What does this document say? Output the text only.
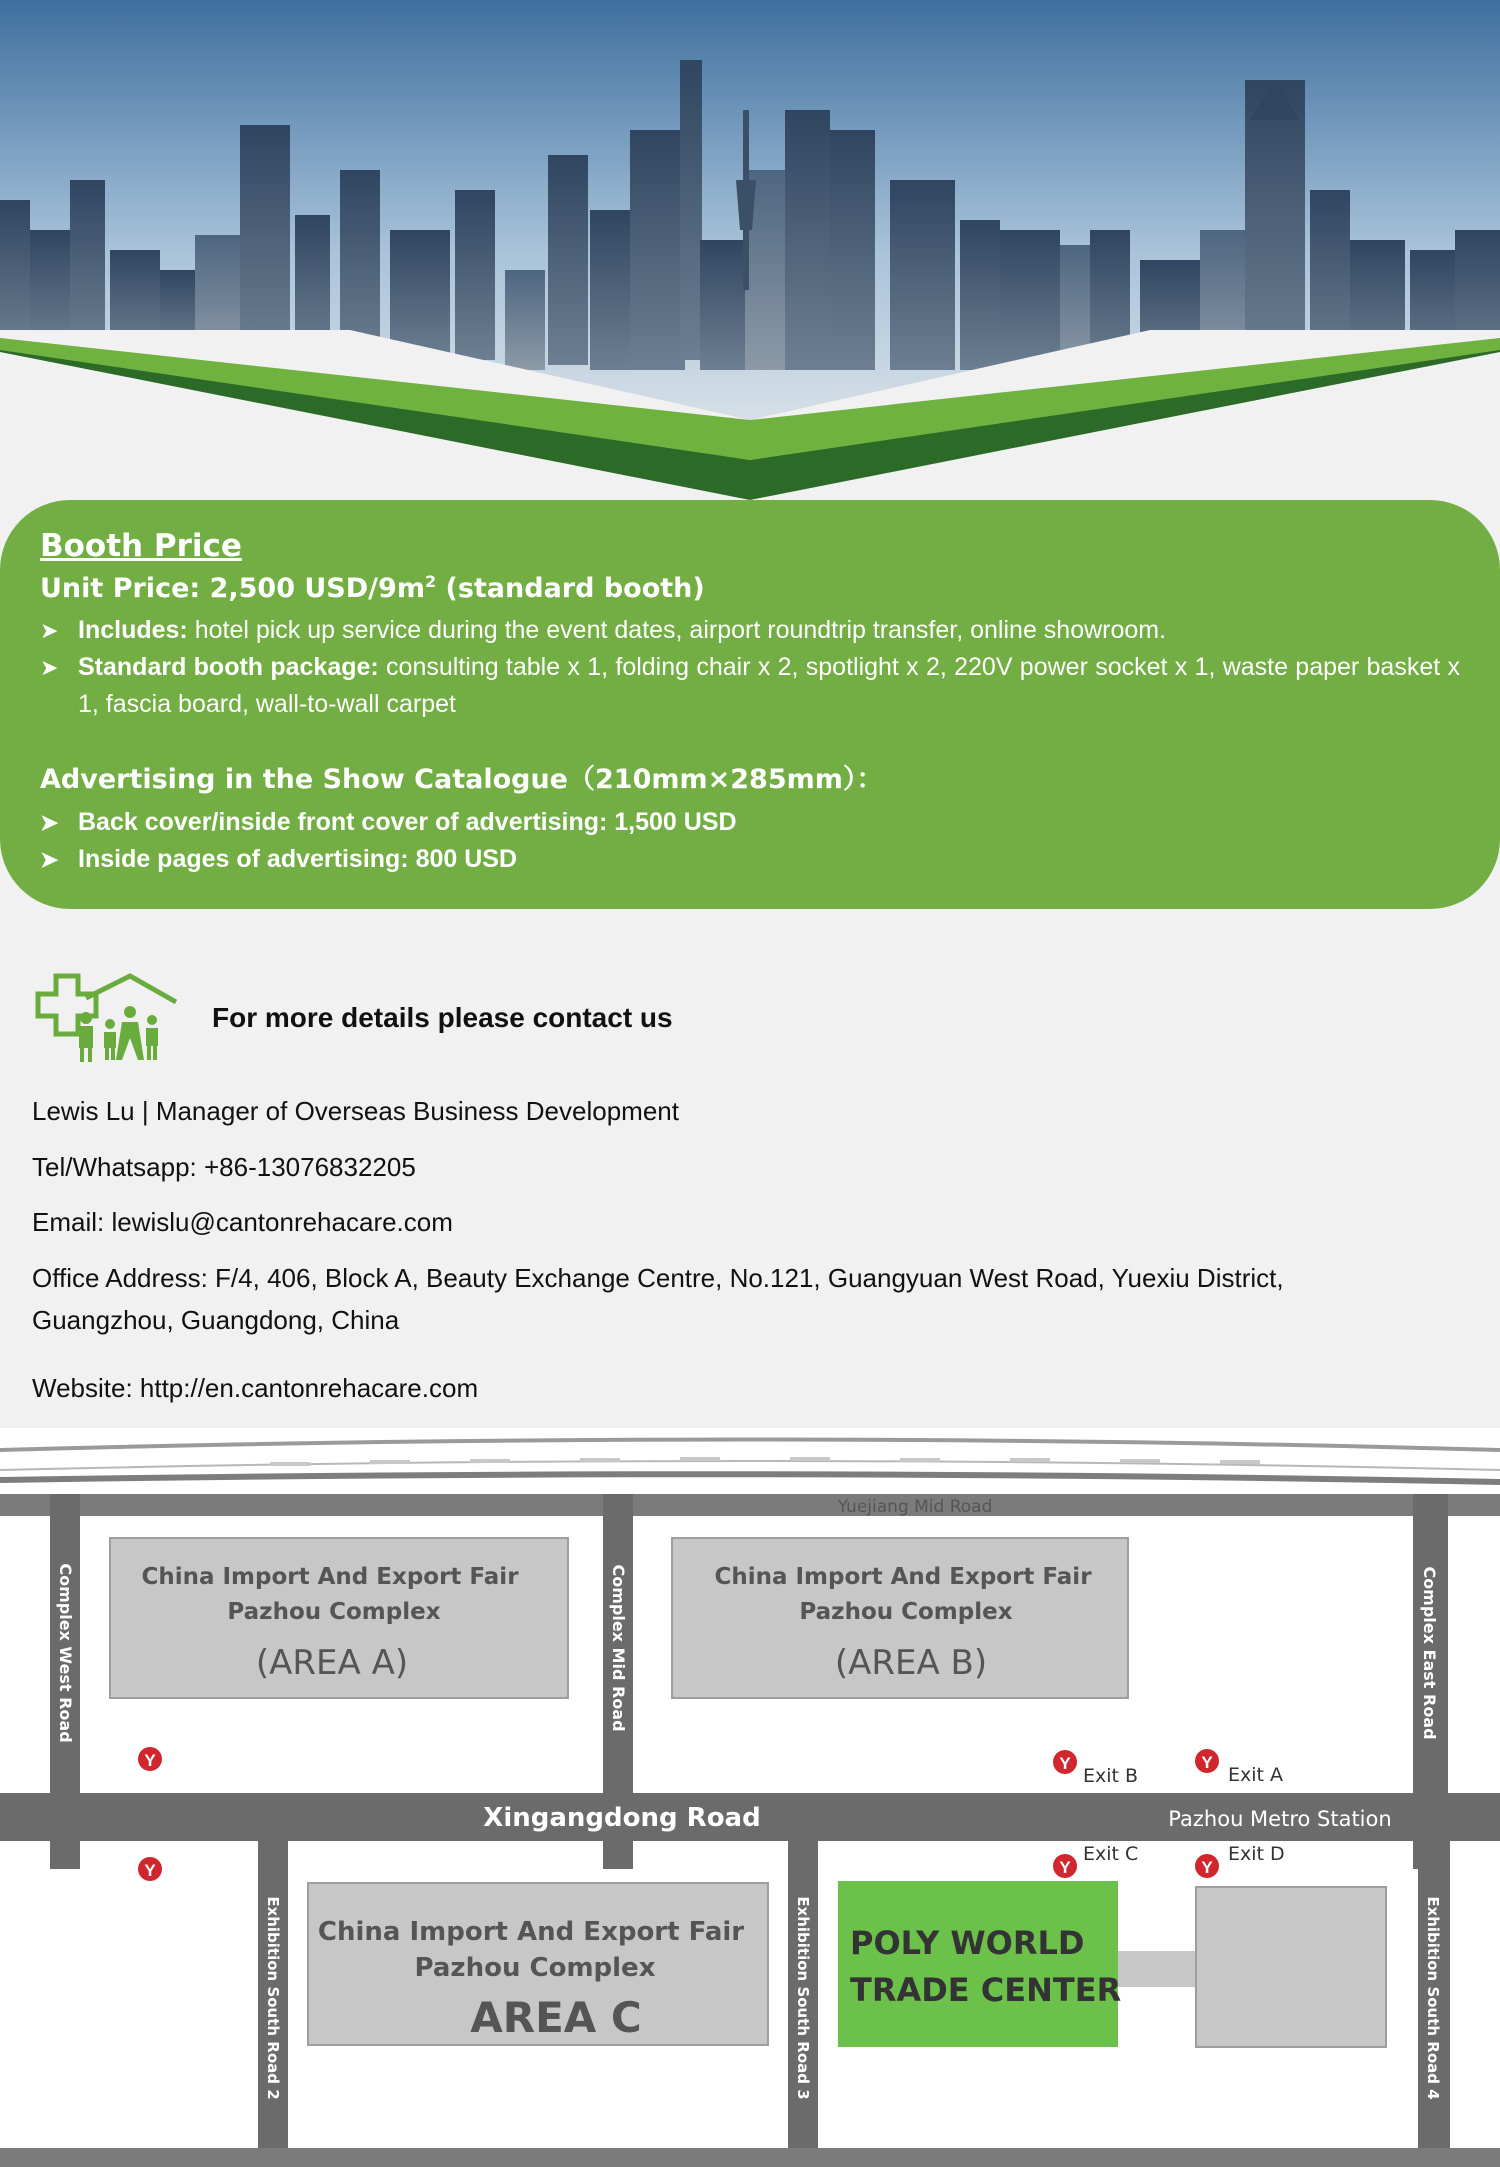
Booth Price
Unit Price: 2,500 USD/$9m^2$ (standard booth)
➤ Includes: hotel pick up service during the event dates, airport roundtrip transfer, online showroom.
➤ Standard booth package: consulting table x 1, folding chair x 2, spotlight x 2, 220V power socket x 1, waste paper basket x 1, fascia board, wall-to-wall carpet
Advertising in the Show Catalogue（210mm×285mm）：
➤ Back cover/inside front cover of advertising: 1,500 USD
➤ Inside pages of advertising: 800 USD
For more details please contact us
Lewis Lu | Manager of Overseas Business Development
Tel/Whatsapp: +86-13076832205
Email: lewislu@cantonrehacare.com
Office Address: F/4, 406, Block A, Beauty Exchange Centre, No.121, Guangyuan West Road, Yuexiu District,
Guangzhou, Guangdong, China
Website: http://en.cantonrehacare.com
Yuejiang Mid Road
Xingangdong Road
Complex West Road	Complex Mid Road	Complex East Road
Exhibition South Road 2	Exhibition South Road 3	Exhibition South Road 4
China Import And Export Fair
Pazhou Complex
(AREA A)
China Import And Export Fair
Pazhou Complex
(AREA B)
China Import And Export Fair
Pazhou Complex
AREA C
POLY WORLD
TRADE CENTER
Pazhou Metro Station
Y
Y
Y
Exit B
Y
Exit A
Y
Exit C
Y
Exit D
